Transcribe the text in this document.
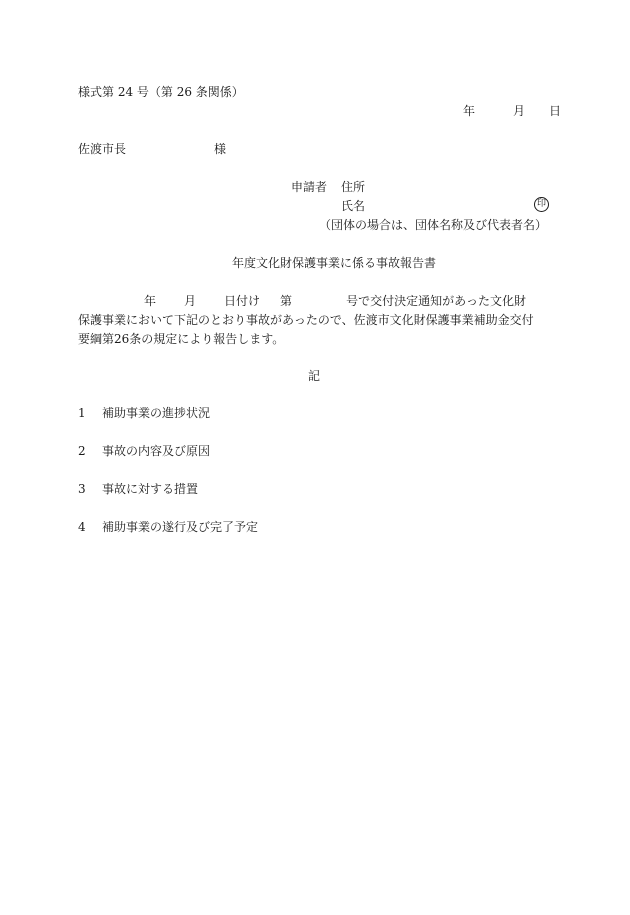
様式第 24 号（第 26 条関係）
年	月 日
佐渡市長	様
申請者 住所
氏名	印
（団体の場合は、団体名称及び代表者名）
年度文化財保護事業に係る事故報告書
年 月 日付け 第	号で交付決定通知があった文化財
保護事業において下記のとおり事故があったので、佐渡市文化財保護事業補助金交付
要綱第26条の規定により報告します。
記
1 補助事業の進捗状況
2 事故の内容及び原因
3 事故に対する措置
4 補助事業の遂行及び完了予定
